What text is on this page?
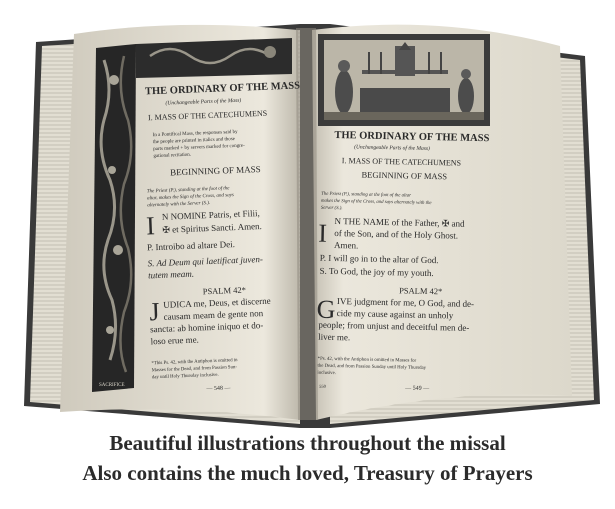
SACRIFICE
THE ORDINARY OF THE MASS
(Unchangeable Parts of the Mass)
I. MASS OF THE CATECHUMENS
In a Pontifical Mass, the responses said by
the people are printed in italics and those
parts marked + by servers marked for congre-
gational recitation.
BEGINNING OF MASS
The Priest (P.), standing at the foot of the
altar, makes the Sign of the Cross, and says
alternately with the Server (S.).
I N NOMINE Patris, et Filii,
✠ et Spiritus Sancti. Amen.
P. Introibo ad altare Dei.
S. Ad Deum qui laetificat juven-
tutem meam.
PSALM 42*
J UDICA me, Deus, et discerne
causam meam de gente non
sancta: ab homine iniquo et do-
loso erue me.
*This Ps. 42, with the Antiphon is omitted in
Masses for the Dead, and from Passion Sun-
day until Holy Thursday inclusive.
— 548 —
THE ORDINARY OF THE MASS
(Unchangeable Parts of the Mass)
I. MASS OF THE CATECHUMENS
BEGINNING OF MASS
The Priest (P.), standing at the foot of the altar
makes the Sign of the Cross, and says alternately with the
Server (S.).
I N THE NAME of the Father, ✠ and
of the Son, and of the Holy Ghost.
Amen.
P. I will go in to the altar of God.
S. To God, the joy of my youth.
PSALM 42*
G IVE judgment for me, O God, and de-
cide my cause against an unholy
people; from unjust and deceitful men de-
liver me.
*Ps. 42, with the Antiphon is omitted in Masses for
the Dead, and from Passion Sunday until Holy Thursday
inclusive.
— 549 —
550
Beautiful illustrations throughout the missal
Also contains the much loved, Treasury of Prayers
